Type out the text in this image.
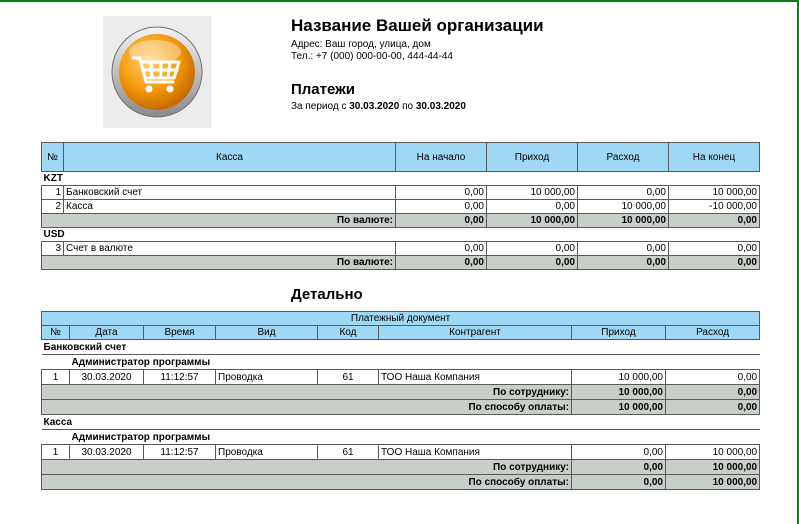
Название Вашей организации
Адрес: Ваш город, улица, дом
Тел.: +7 (000) 000-00-00, 444-44-44
Платежи
За период с 30.03.2020 по 30.03.2020
№	Касса	На начало	Приход	Расход	На конец
KZT					
1	Банковский счет	0,00	10 000,00	0,00	10 000,00
2	Касса	0,00	0,00	10 000,00	-10 000,00
По валюте:		0,00	10 000,00	10 000,00	0,00
USD					
3	Счет в валюте	0,00	0,00	0,00	0,00
По валюте:		0,00	0,00	0,00	0,00
Детально
Платежный документ							
№	Дата	Время	Вид	Код	Контрагент	Приход	Расход
Банковский счет							
Администратор программы							
1	30.03.2020	11:12:57	Проводка	61	ТОО Наша Компания	10 000,00	0,00
По сотруднику:						10 000,00	0,00
По способу оплаты:						10 000,00	0,00
Касса							
Администратор программы							
1	30.03.2020	11:12:57	Проводка	61	ТОО Наша Компания	0,00	10 000,00
По сотруднику:						0,00	10 000,00
По способу оплаты:						0,00	10 000,00
